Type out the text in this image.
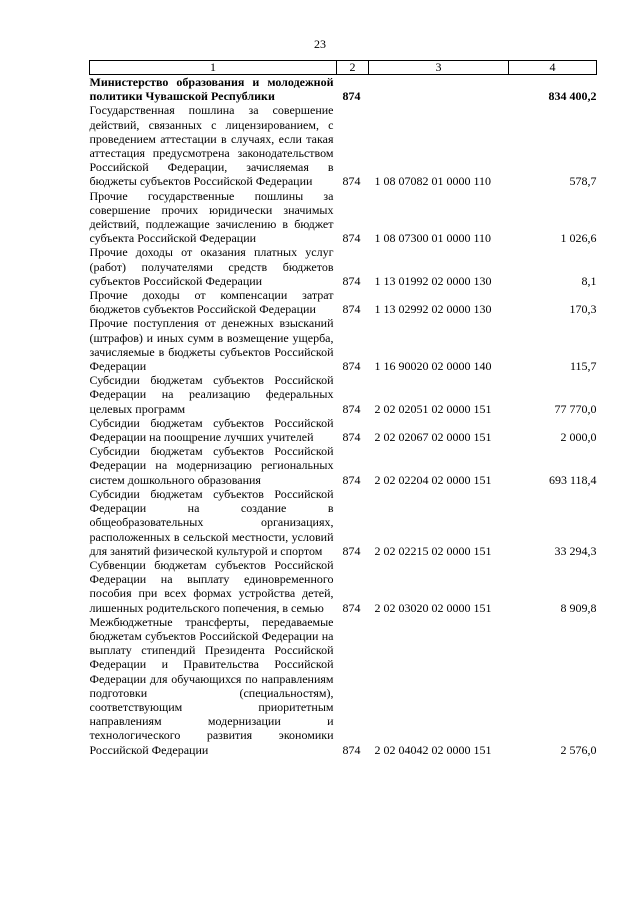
23
1	2	3	4
Министерство образования и молодежной политики Чувашской Республики	874		834 400,2
Государственная пошлина за совершение действий, связанных с лицензированием, с проведением аттестации в случаях, если такая аттестация предусмотрена законодательством Российской Федерации, зачисляемая в бюджеты субъектов Российской Федерации	874	1 08 07082 01 0000 110	578,7
Прочие государственные пошлины за совершение прочих юридически значимых действий, подлежащие зачислению в бюджет субъекта Российской Федерации	874	1 08 07300 01 0000 110	1 026,6
Прочие доходы от оказания платных услуг (работ) получателями средств бюджетов субъектов Российской Федерации	874	1 13 01992 02 0000 130	8,1
Прочие доходы от компенсации затрат бюджетов субъектов Российской Федерации	874	1 13 02992 02 0000 130	170,3
Прочие поступления от денежных взысканий (штрафов) и иных сумм в возмещение ущерба, зачисляемые в бюджеты субъектов Российской Федерации	874	1 16 90020 02 0000 140	115,7
Субсидии бюджетам субъектов Российской Федерации на реализацию федеральных целевых программ	874	2 02 02051 02 0000 151	77 770,0
Субсидии бюджетам субъектов Российской Федерации на поощрение лучших учителей	874	2 02 02067 02 0000 151	2 000,0
Субсидии бюджетам субъектов Российской Федерации на модернизацию региональных систем дошкольного образования	874	2 02 02204 02 0000 151	693 118,4
Субсидии бюджетам субъектов Российской Федерации на создание в общеобразовательных организациях, расположенных в сельской местности, условий для занятий физической культурой и спортом	874	2 02 02215 02 0000 151	33 294,3
Субвенции бюджетам субъектов Российской Федерации на выплату единовременного пособия при всех формах устройства детей, лишенных родительского попечения, в семью	874	2 02 03020 02 0000 151	8 909,8
Межбюджетные трансферты, передаваемые бюджетам субъектов Российской Федерации на выплату стипендий Президента Российской Федерации и Правительства Российской Федерации для обучающихся по направлениям подготовки (специальностям), соответствующим приоритетным направлениям модернизации и технологического развития экономики Российской Федерации	874	2 02 04042 02 0000 151	2 576,0
